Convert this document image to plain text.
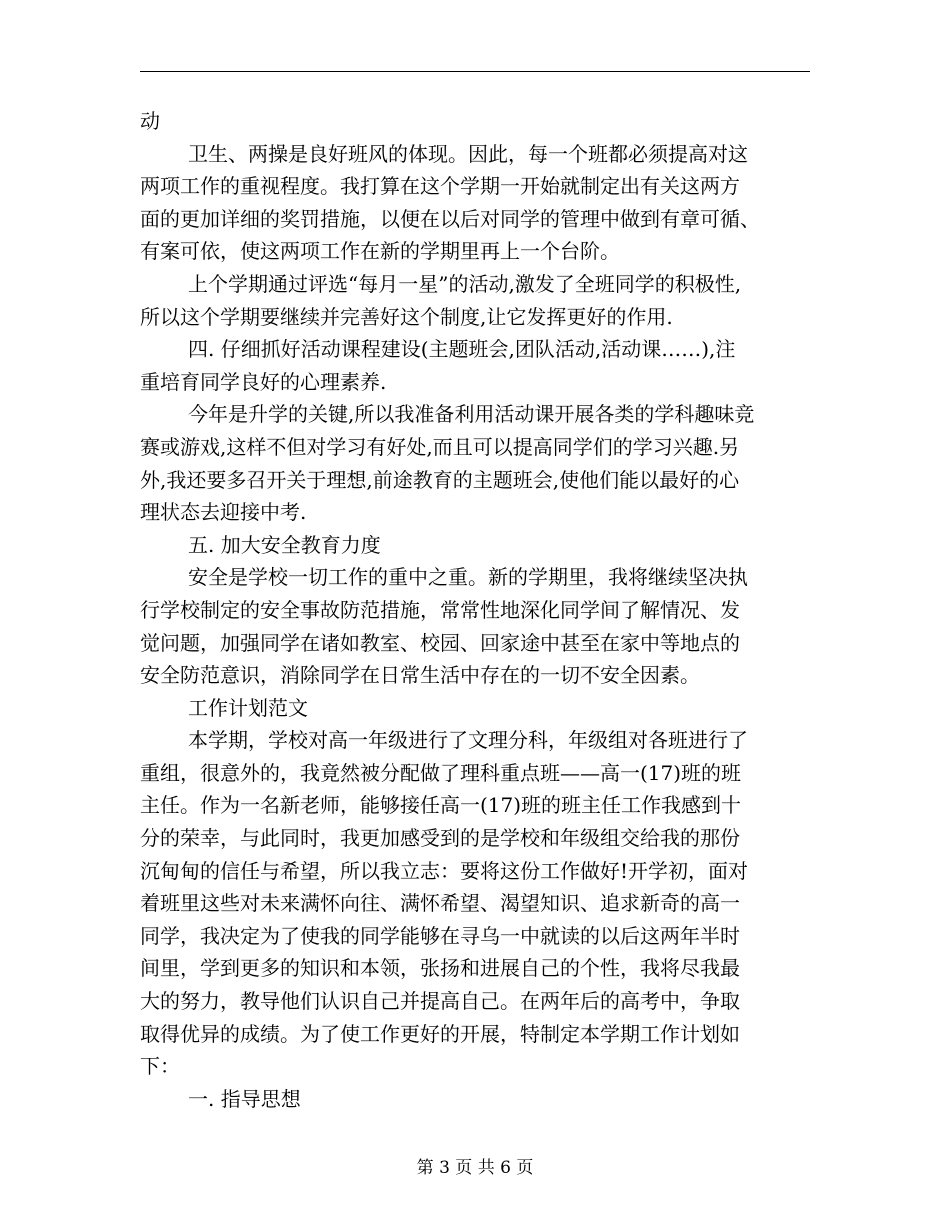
动
卫生、两操是良好班风的体现。因此，每一个班都必须提高对这
两项工作的重视程度。我打算在这个学期一开始就制定出有关这两方
面的更加详细的奖罚措施，以便在以后对同学的管理中做到有章可循、
有案可依，使这两项工作在新的学期里再上一个台阶。
上个学期通过评选“每月一星”的活动,激发了全班同学的积极性,
所以这个学期要继续并完善好这个制度,让它发挥更好的作用.
四. 仔细抓好活动课程建设(主题班会,团队活动,活动课……),注
重培育同学良好的心理素养.
今年是升学的关键,所以我准备利用活动课开展各类的学科趣味竞
赛或游戏,这样不但对学习有好处,而且可以提高同学们的学习兴趣.另
外,我还要多召开关于理想,前途教育的主题班会,使他们能以最好的心
理状态去迎接中考.
五. 加大安全教育力度
安全是学校一切工作的重中之重。新的学期里，我将继续坚决执
行学校制定的安全事故防范措施，常常性地深化同学间了解情况、发
觉问题，加强同学在诸如教室、校园、回家途中甚至在家中等地点的
安全防范意识，消除同学在日常生活中存在的一切不安全因素。
工作计划范文
本学期，学校对高一年级进行了文理分科，年级组对各班进行了
重组，很意外的，我竟然被分配做了理科重点班——高一(17)班的班
主任。作为一名新老师，能够接任高一(17)班的班主任工作我感到十
分的荣幸，与此同时，我更加感受到的是学校和年级组交给我的那份
沉甸甸的信任与希望，所以我立志：要将这份工作做好!开学初，面对
着班里这些对未来满怀向往、满怀希望、渴望知识、追求新奇的高一
同学，我决定为了使我的同学能够在寻乌一中就读的以后这两年半时
间里，学到更多的知识和本领，张扬和进展自己的个性，我将尽我最
大的努力，教导他们认识自己并提高自己。在两年后的高考中，争取
取得优异的成绩。为了使工作更好的开展，特制定本学期工作计划如
下：
一. 指导思想
第 3 页 共 6 页
